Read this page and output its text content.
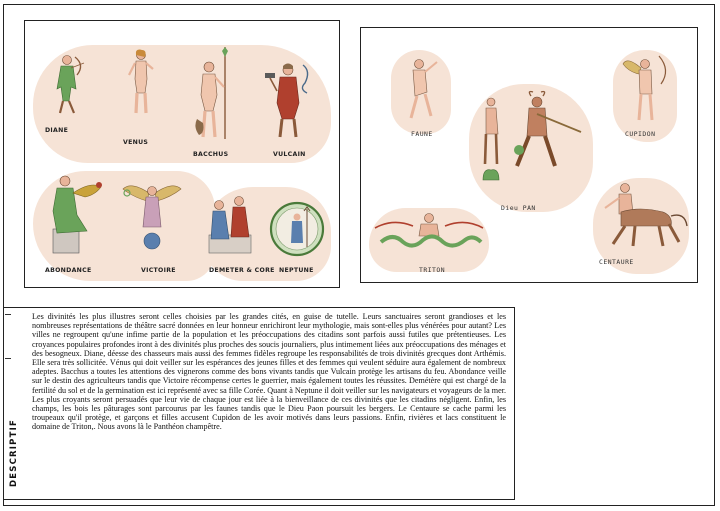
DIANE
VENUS
BACCHUS	VULCAIN
ABONDANCE	VICTOIRE	DEMETER & CORE NEPTUNE
FAUNE
Dieu PAN
CUPIDON
TRITON
CENTAURE
DESCRIPTIF

Les divinités les plus illustres seront celles choisies par les grandes cités, en guise de tutelle. Leurs sanctuaires seront grandioses et les nombreuses représentations de théâtre sacré données en leur honneur enrichiront leur mythologie, mais sont-elles plus vénérées pour autant? Les villes ne regroupent qu'une infime partie de la population et les préoccupations des citadins sont parfois aussi futiles que prétentieuses. Les croyances populaires profondes iront à des divinités plus proches des soucis journaliers, plus intimement liées aux préoccupations des ménages et des besogneux. Diane, déesse des chasseurs mais aussi des femmes fidèles regroupe les responsabilités de trois divinités grecques dont Arthémis. Elle sera très sollicitée. Vénus qui doit veiller sur les espérances des jeunes filles et des femmes qui veulent séduire aura également de nombreux adeptes. Bacchus a toutes les attentions des vignerons comme des bons vivants tandis que Vulcain protège les artisans du feu. Abondance veille sur le destin des agriculteurs tandis que Victoire récompense certes le guerrier, mais également toutes les réussites. Demétère qui est chargé de la fertilité du sol et de la germination est ici représenté avec sa fille Corée. Quant à Neptune il doit veiller sur les navigateurs et voyageurs de la mer. Les plus croyants seront persuadés que leur vie de chaque jour est liée à la bienveillance de ces divinités que les citadins négligent. Enfin, les champs, les bois les pâturages sont parcourus par les faunes tandis que le Dieu Paon poursuit les bergers. Le Centaure se cache parmi les troupeaux qu'il protège, et garçons et filles accusent Cupidon de les avoir motivés dans leurs passions. Enfin, rivières et lacs constituent le domaine de Triton,. Nous avons là le Panthéon champêtre.
